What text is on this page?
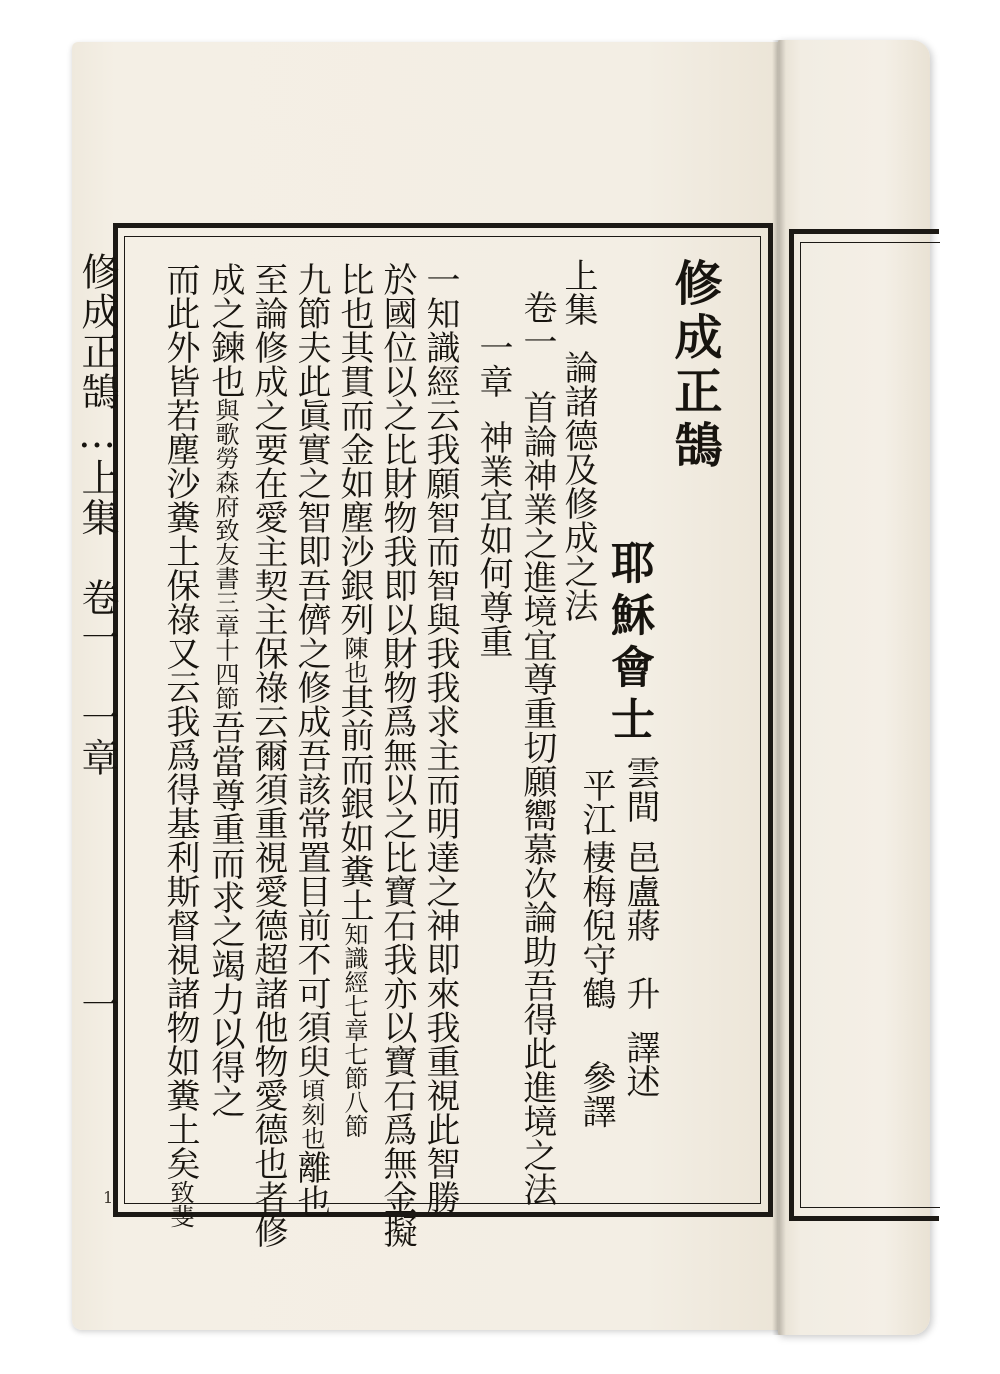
修成正鵠…上集　卷一　一章
一
1
修成正鵠
耶穌會士
雲間
邑盧蔣　升
譯述
平江
棲梅倪守鶴
參譯
上集
論諸德及修成之法
卷一
首論神業之進境宜尊重切願嚮慕次論助吾得此進境之法
一章
神業宜如何尊重
一知識經云我願智而智與我我求主而明達之神即來我重視此智勝
於國位以之比財物我即以財物爲無以之比寶石我亦以寶石爲無金擬
比也其貫而金如塵沙銀列陳也其前而銀如糞土知識經七章七節八節
九節夫此眞實之智即吾儕之修成吾該常置目前不可須臾頃刻也離也
至論修成之要在愛主契主保祿云爾須重視愛德超諸他物愛德也者修
成之鍊也與歌勞森府致友書三章十四節吾當尊重而求之竭力以得之
而此外皆若塵沙糞土保祿又云我爲得基利斯督視諸物如糞土矣致斐
